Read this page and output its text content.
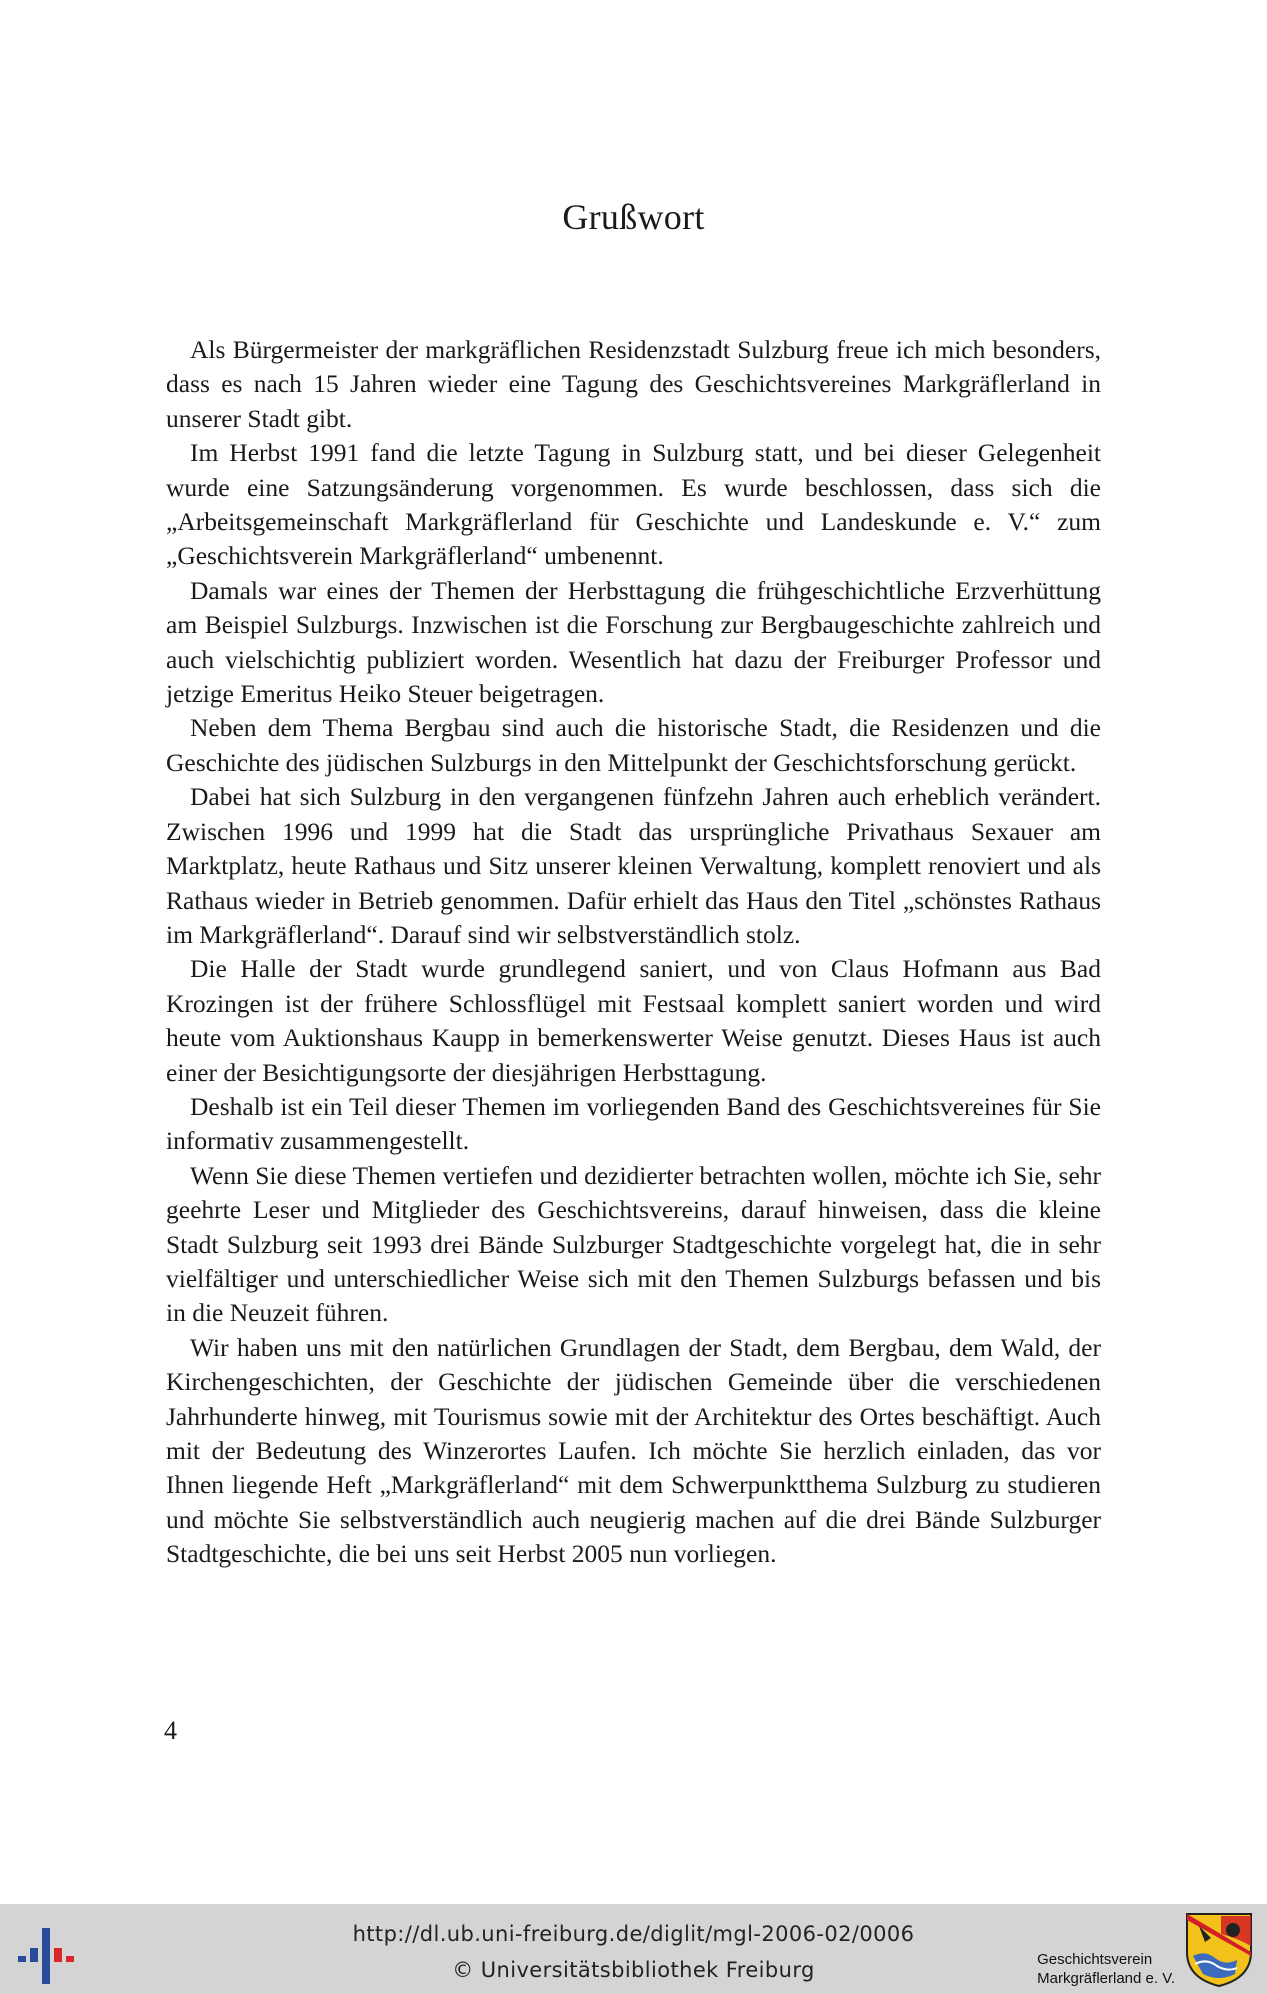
Grußwort

Als Bürgermeister der markgräflichen Residenzstadt Sulzburg freue ich mich besonders, dass es nach 15 Jahren wieder eine Tagung des Geschichtsvereines Markgräflerland in unserer Stadt gibt.

Im Herbst 1991 fand die letzte Tagung in Sulzburg statt, und bei dieser Gelegenheit wurde eine Satzungsänderung vorgenommen. Es wurde beschlossen, dass sich die „Arbeitsgemeinschaft Markgräflerland für Geschichte und Landeskunde e. V.“ zum „Geschichtsverein Markgräflerland“ umbenennt.

Damals war eines der Themen der Herbsttagung die frühgeschichtliche Erzverhüttung am Beispiel Sulzburgs. Inzwischen ist die Forschung zur Bergbaugeschichte zahlreich und auch vielschichtig publiziert worden. Wesentlich hat dazu der Freiburger Professor und jetzige Emeritus Heiko Steuer beigetragen.

Neben dem Thema Bergbau sind auch die historische Stadt, die Residenzen und die Geschichte des jüdischen Sulzburgs in den Mittelpunkt der Geschichtsforschung gerückt.

Dabei hat sich Sulzburg in den vergangenen fünfzehn Jahren auch erheblich verändert. Zwischen 1996 und 1999 hat die Stadt das ursprüngliche Privathaus Sexauer am Marktplatz, heute Rathaus und Sitz unserer kleinen Verwaltung, komplett renoviert und als Rathaus wieder in Betrieb genommen. Dafür erhielt das Haus den Titel „schönstes Rathaus im Markgräflerland“. Darauf sind wir selbstverständlich stolz.

Die Halle der Stadt wurde grundlegend saniert, und von Claus Hofmann aus Bad Krozingen ist der frühere Schlossflügel mit Festsaal komplett saniert worden und wird heute vom Auktionshaus Kaupp in bemerkenswerter Weise genutzt. Dieses Haus ist auch einer der Besichtigungsorte der diesjährigen Herbsttagung.

Deshalb ist ein Teil dieser Themen im vorliegenden Band des Geschichtsvereines für Sie informativ zusammengestellt.

Wenn Sie diese Themen vertiefen und dezidierter betrachten wollen, möchte ich Sie, sehr geehrte Leser und Mitglieder des Geschichtsvereins, darauf hinweisen, dass die kleine Stadt Sulzburg seit 1993 drei Bände Sulzburger Stadtgeschichte vorgelegt hat, die in sehr vielfältiger und unterschiedlicher Weise sich mit den Themen Sulzburgs befassen und bis in die Neuzeit führen.

Wir haben uns mit den natürlichen Grundlagen der Stadt, dem Bergbau, dem Wald, der Kirchengeschichten, der Geschichte der jüdischen Gemeinde über die verschiedenen Jahrhunderte hinweg, mit Tourismus sowie mit der Architektur des Ortes beschäftigt. Auch mit der Bedeutung des Winzerortes Laufen. Ich möchte Sie herzlich einladen, das vor Ihnen liegende Heft „Markgräflerland“ mit dem Schwerpunktthema Sulzburg zu studieren und möchte Sie selbstverständlich auch neugierig machen auf die drei Bände Sulzburger Stadtgeschichte, die bei uns seit Herbst 2005 nun vorliegen.

4
http://dl.ub.uni-freiburg.de/diglit/mgl-2006-02/0006
© Universitätsbibliothek Freiburg	Geschichtsverein
Markgräflerland e. V.
